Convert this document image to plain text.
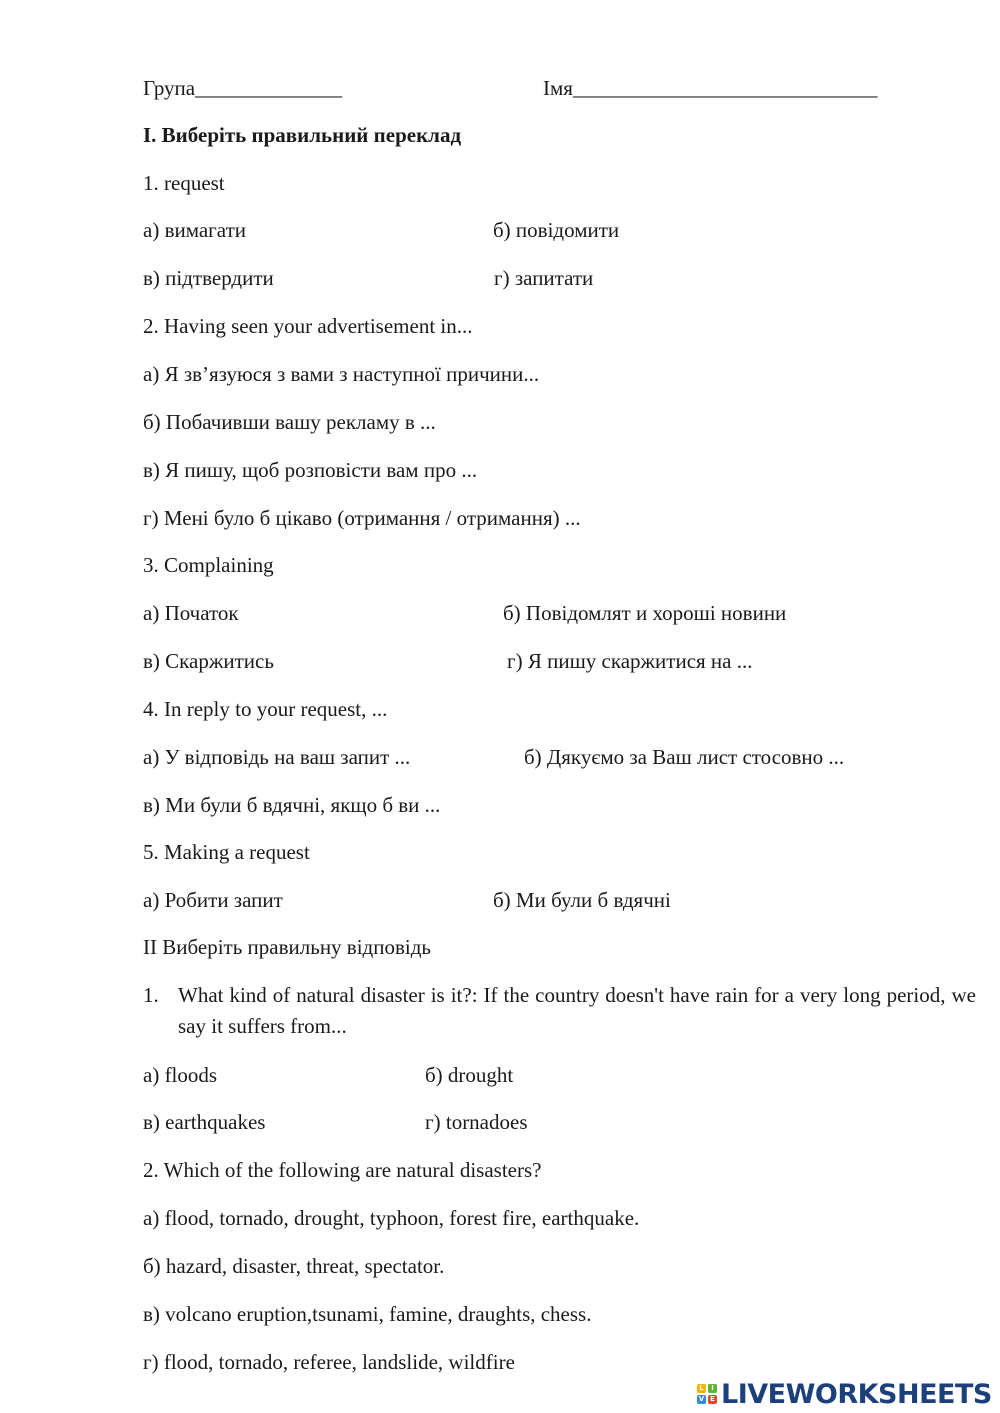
Група______________	Імя_____________________________
I. Виберіть правильний переклад
1. request
а) вимагати	б) повідомити
в) підтвердити	г) запитати
2. Having seen your advertisement in...
а) Я зв’язуюся з вами з наступної причини...
б) Побачивши вашу рекламу в ...
в) Я пишу, щоб розповісти вам про ...
г) Мені було б цікаво (отримання / отримання) ...
3. Complaining
а) Початок	б) Повідомлят и хороші новини
в) Скаржитись	г) Я пишу скаржитися на ...
4. In reply to your request, ...
а) У відповідь на ваш запит ...	б) Дякуємо за Ваш лист стосовно ...
в) Ми були б вдячні, якщо б ви ...
5. Making a request
а) Робити запит	б) Ми були б вдячні
II Виберіть правильну відповідь
1. What kind of natural disaster is it?: If the country doesn't have rain for a very long period, we say it suffers from...
а) floods	б) drought
в) earthquakes	г) tornadoes
2. Which of the following are natural disasters?
а) flood, tornado, drought, typhoon, forest fire, earthquake.
б) hazard, disaster, threat, spectator.
в) volcano eruption,tsunami, famine, draughts, chess.
г) flood, tornado, referee, landslide, wildfire
L	I
V E LIVEWORKSHEETS
